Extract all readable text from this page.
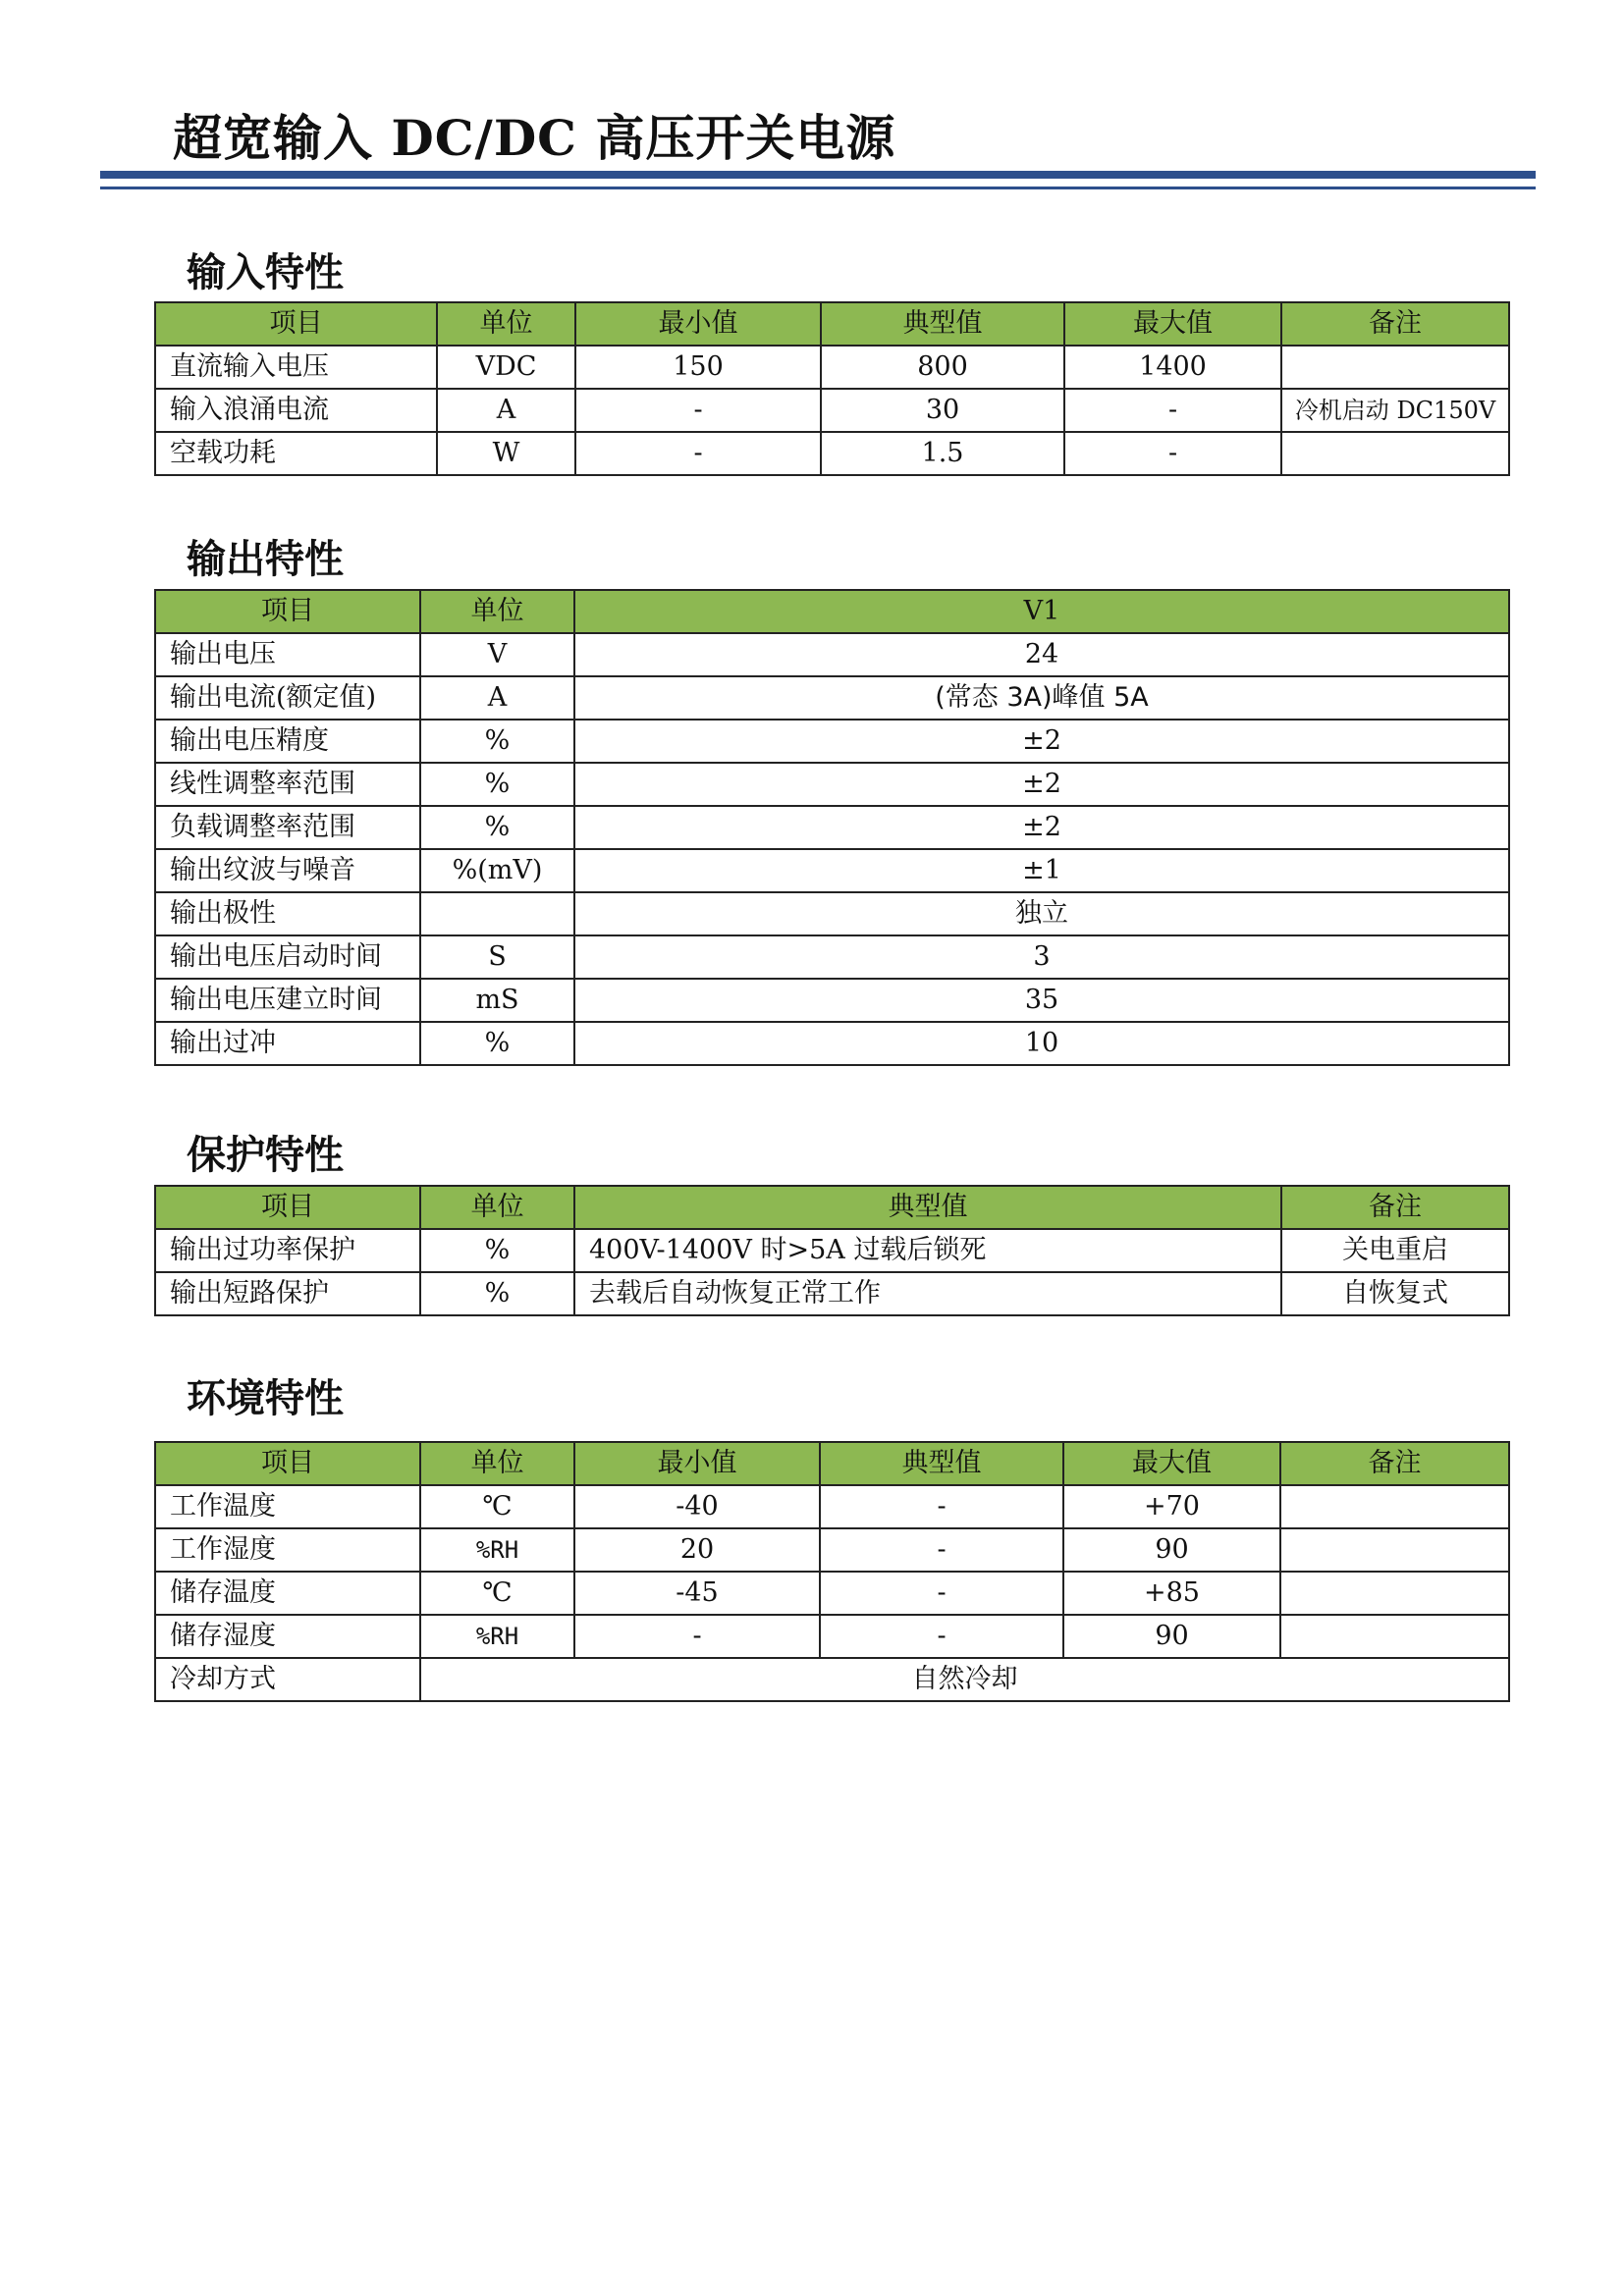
超宽输入 DC/DC 高压开关电源
输入特性
项目	单位	最小值	典型值	最大值	备注
直流输入电压	VDC	150	800	1400	
输入浪涌电流	A	-	30	-	冷机启动 DC150V
空载功耗	W	-	1.5	-	
输出特性
项目	单位	V1
输出电压	V	24
输出电流(额定值)	A	(常态 3A)峰值 5A
输出电压精度	%	±2
线性调整率范围	%	±2
负载调整率范围	%	±2
输出纹波与噪音	%(mV)	±1
输出极性		独立
输出电压启动时间	S	3
输出电压建立时间	mS	35
输出过冲	%	10
保护特性
项目	单位	典型值	备注
输出过功率保护	%	400V-1400V 时>5A 过载后锁死	关电重启
输出短路保护	%	去载后自动恢复正常工作	自恢复式
环境特性
项目	单位	最小值	典型值	最大值	备注
工作温度	℃	-40	-	+70	
工作湿度	%RH	20	-	90	
储存温度	℃	-45	-	+85	
储存湿度	%RH	-	-	90	
冷却方式	自然冷却				
